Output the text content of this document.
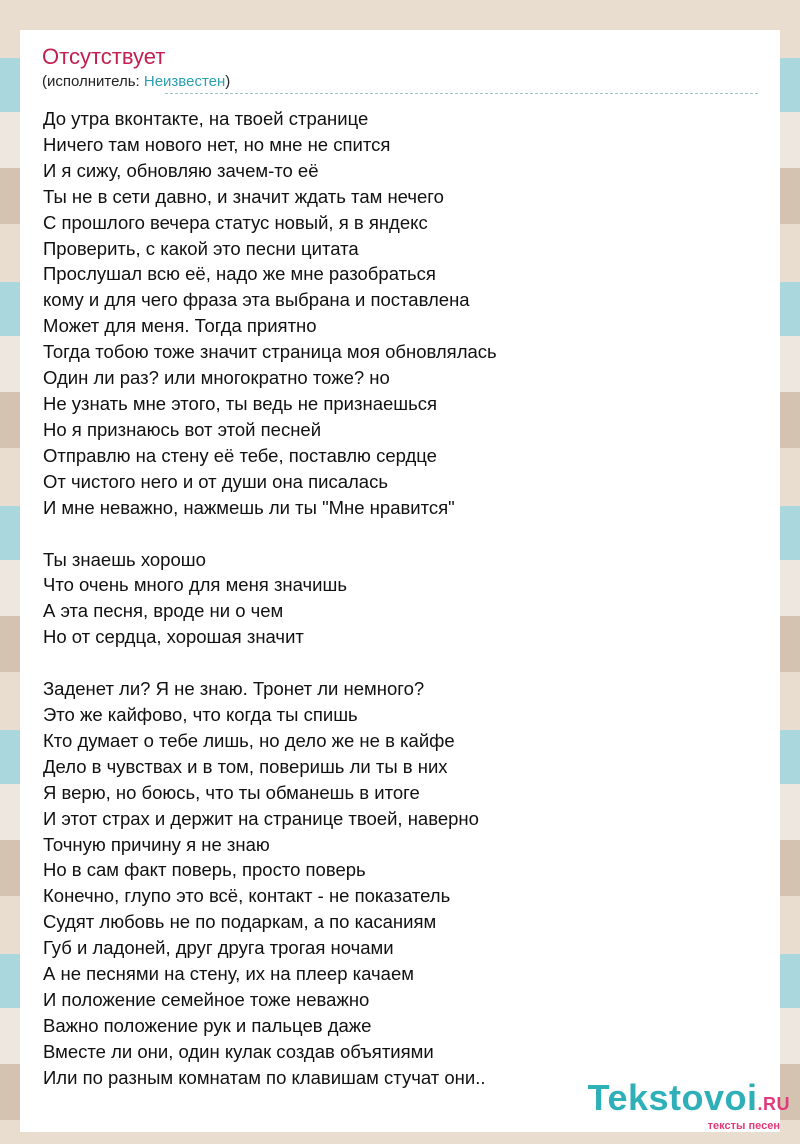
Отсутствует
(исполнитель: Неизвестен)
До утра вконтакте, на твоей странице
Ничего там нового нет, но мне не спится
И я сижу, обновляю зачем-то её
Ты не в сети давно, и значит ждать там нечего
С прошлого вечера статус новый, я в яндекс
Проверить, с какой это песни цитата
Прослушал всю её, надо же мне разобраться
кому и для чего фраза эта выбрана и поставлена
Может для меня. Тогда приятно
Тогда тобою тоже значит страница моя обновлялась
Один ли раз? или многократно тоже? но
Не узнать мне этого, ты ведь не признаешься
Но я признаюсь вот этой песней
Отправлю на стену её тебе, поставлю сердце
От чистого него и от души она писалась
И мне неважно, нажмешь ли ты "Мне нравится"
Ты знаешь хорошо
Что очень много для меня значишь
А эта песня, вроде ни о чем
Но от сердца, хорошая значит
Заденет ли? Я не знаю. Тронет ли немного?
Это же кайфово, что когда ты спишь
Кто думает о тебе лишь, но дело же не в кайфе
Дело в чувствах и в том, поверишь ли ты в них
Я верю, но боюсь, что ты обманешь в итоге
И этот страх и держит на странице твоей, наверно
Точную причину я не знаю
Но в сам факт поверь, просто поверь
Конечно, глупо это всё, контакт - не показатель
Судят любовь не по подаркам, а по касаниям
Губ и ладоней, друг друга трогая ночами
А не песнями на стену, их на плеер качаем
И положение семейное тоже неважно
Важно положение рук и пальцев даже
Вместе ли они, один кулак создав объятиями
Или по разным комнатам по клавишам стучат они..	Tekstovoi.RU
тексты песен
